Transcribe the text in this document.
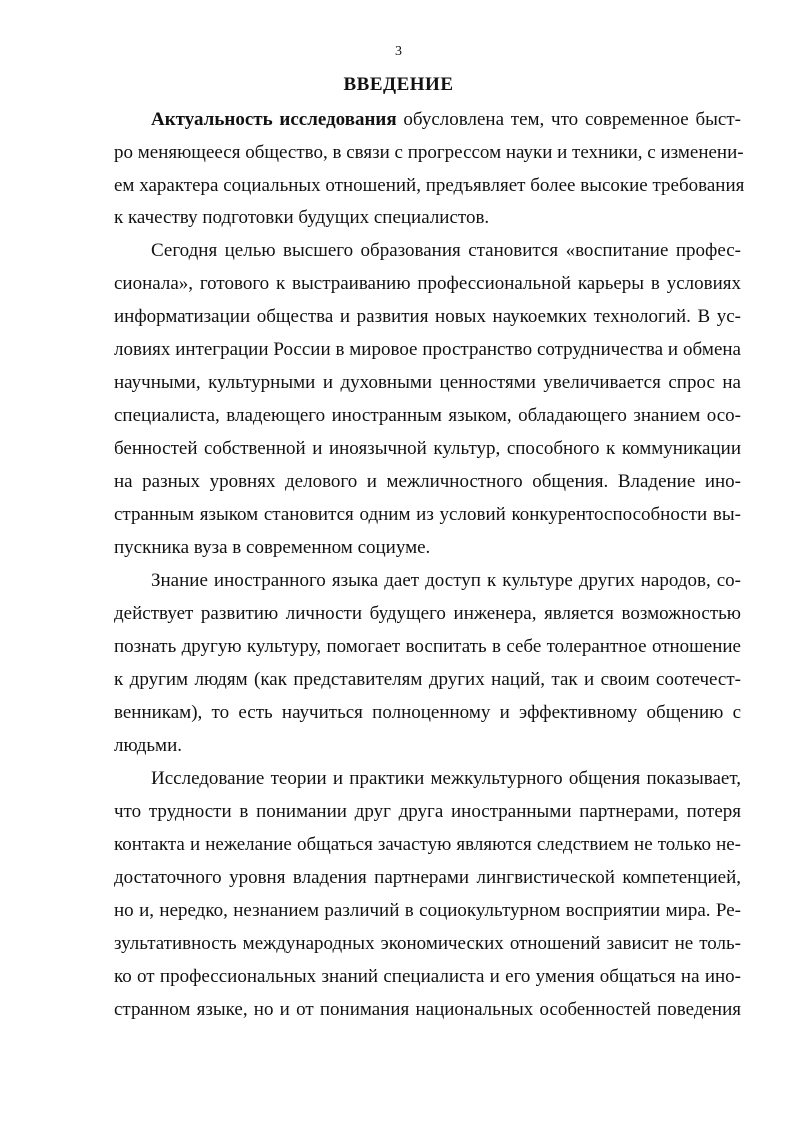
3
ВВЕДЕНИЕ
Актуальность исследования обусловлена тем, что современное быст-
ро меняющееся общество, в связи с прогрессом науки и техники, с изменени-
ем характера социальных отношений, предъявляет более высокие требования
к качеству подготовки будущих специалистов.
Сегодня целью высшего образования становится «воспитание профес-
сионала», готового к выстраиванию профессиональной карьеры в условиях
информатизации общества и развития новых наукоемких технологий. В ус-
ловиях интеграции России в мировое пространство сотрудничества и обмена
научными, культурными и духовными ценностями увеличивается спрос на
специалиста, владеющего иностранным языком, обладающего знанием осо-
бенностей собственной и иноязычной культур, способного к коммуникации
на разных уровнях делового и межличностного общения. Владение ино-
странным языком становится одним из условий конкурентоспособности вы-
пускника вуза в современном социуме.
Знание иностранного языка дает доступ к культуре других народов, со-
действует развитию личности будущего инженера, является возможностью
познать другую культуру, помогает воспитать в себе толерантное отношение
к другим людям (как представителям других наций, так и своим соотечест-
венникам), то есть научиться полноценному и эффективному общению с
людьми.
Исследование теории и практики межкультурного общения показывает,
что трудности в понимании друг друга иностранными партнерами, потеря
контакта и нежелание общаться зачастую являются следствием не только не-
достаточного уровня владения партнерами лингвистической компетенцией,
но и, нередко, незнанием различий в социокультурном восприятии мира. Ре-
зультативность международных экономических отношений зависит не толь-
ко от профессиональных знаний специалиста и его умения общаться на ино-
странном языке, но и от понимания национальных особенностей поведения
